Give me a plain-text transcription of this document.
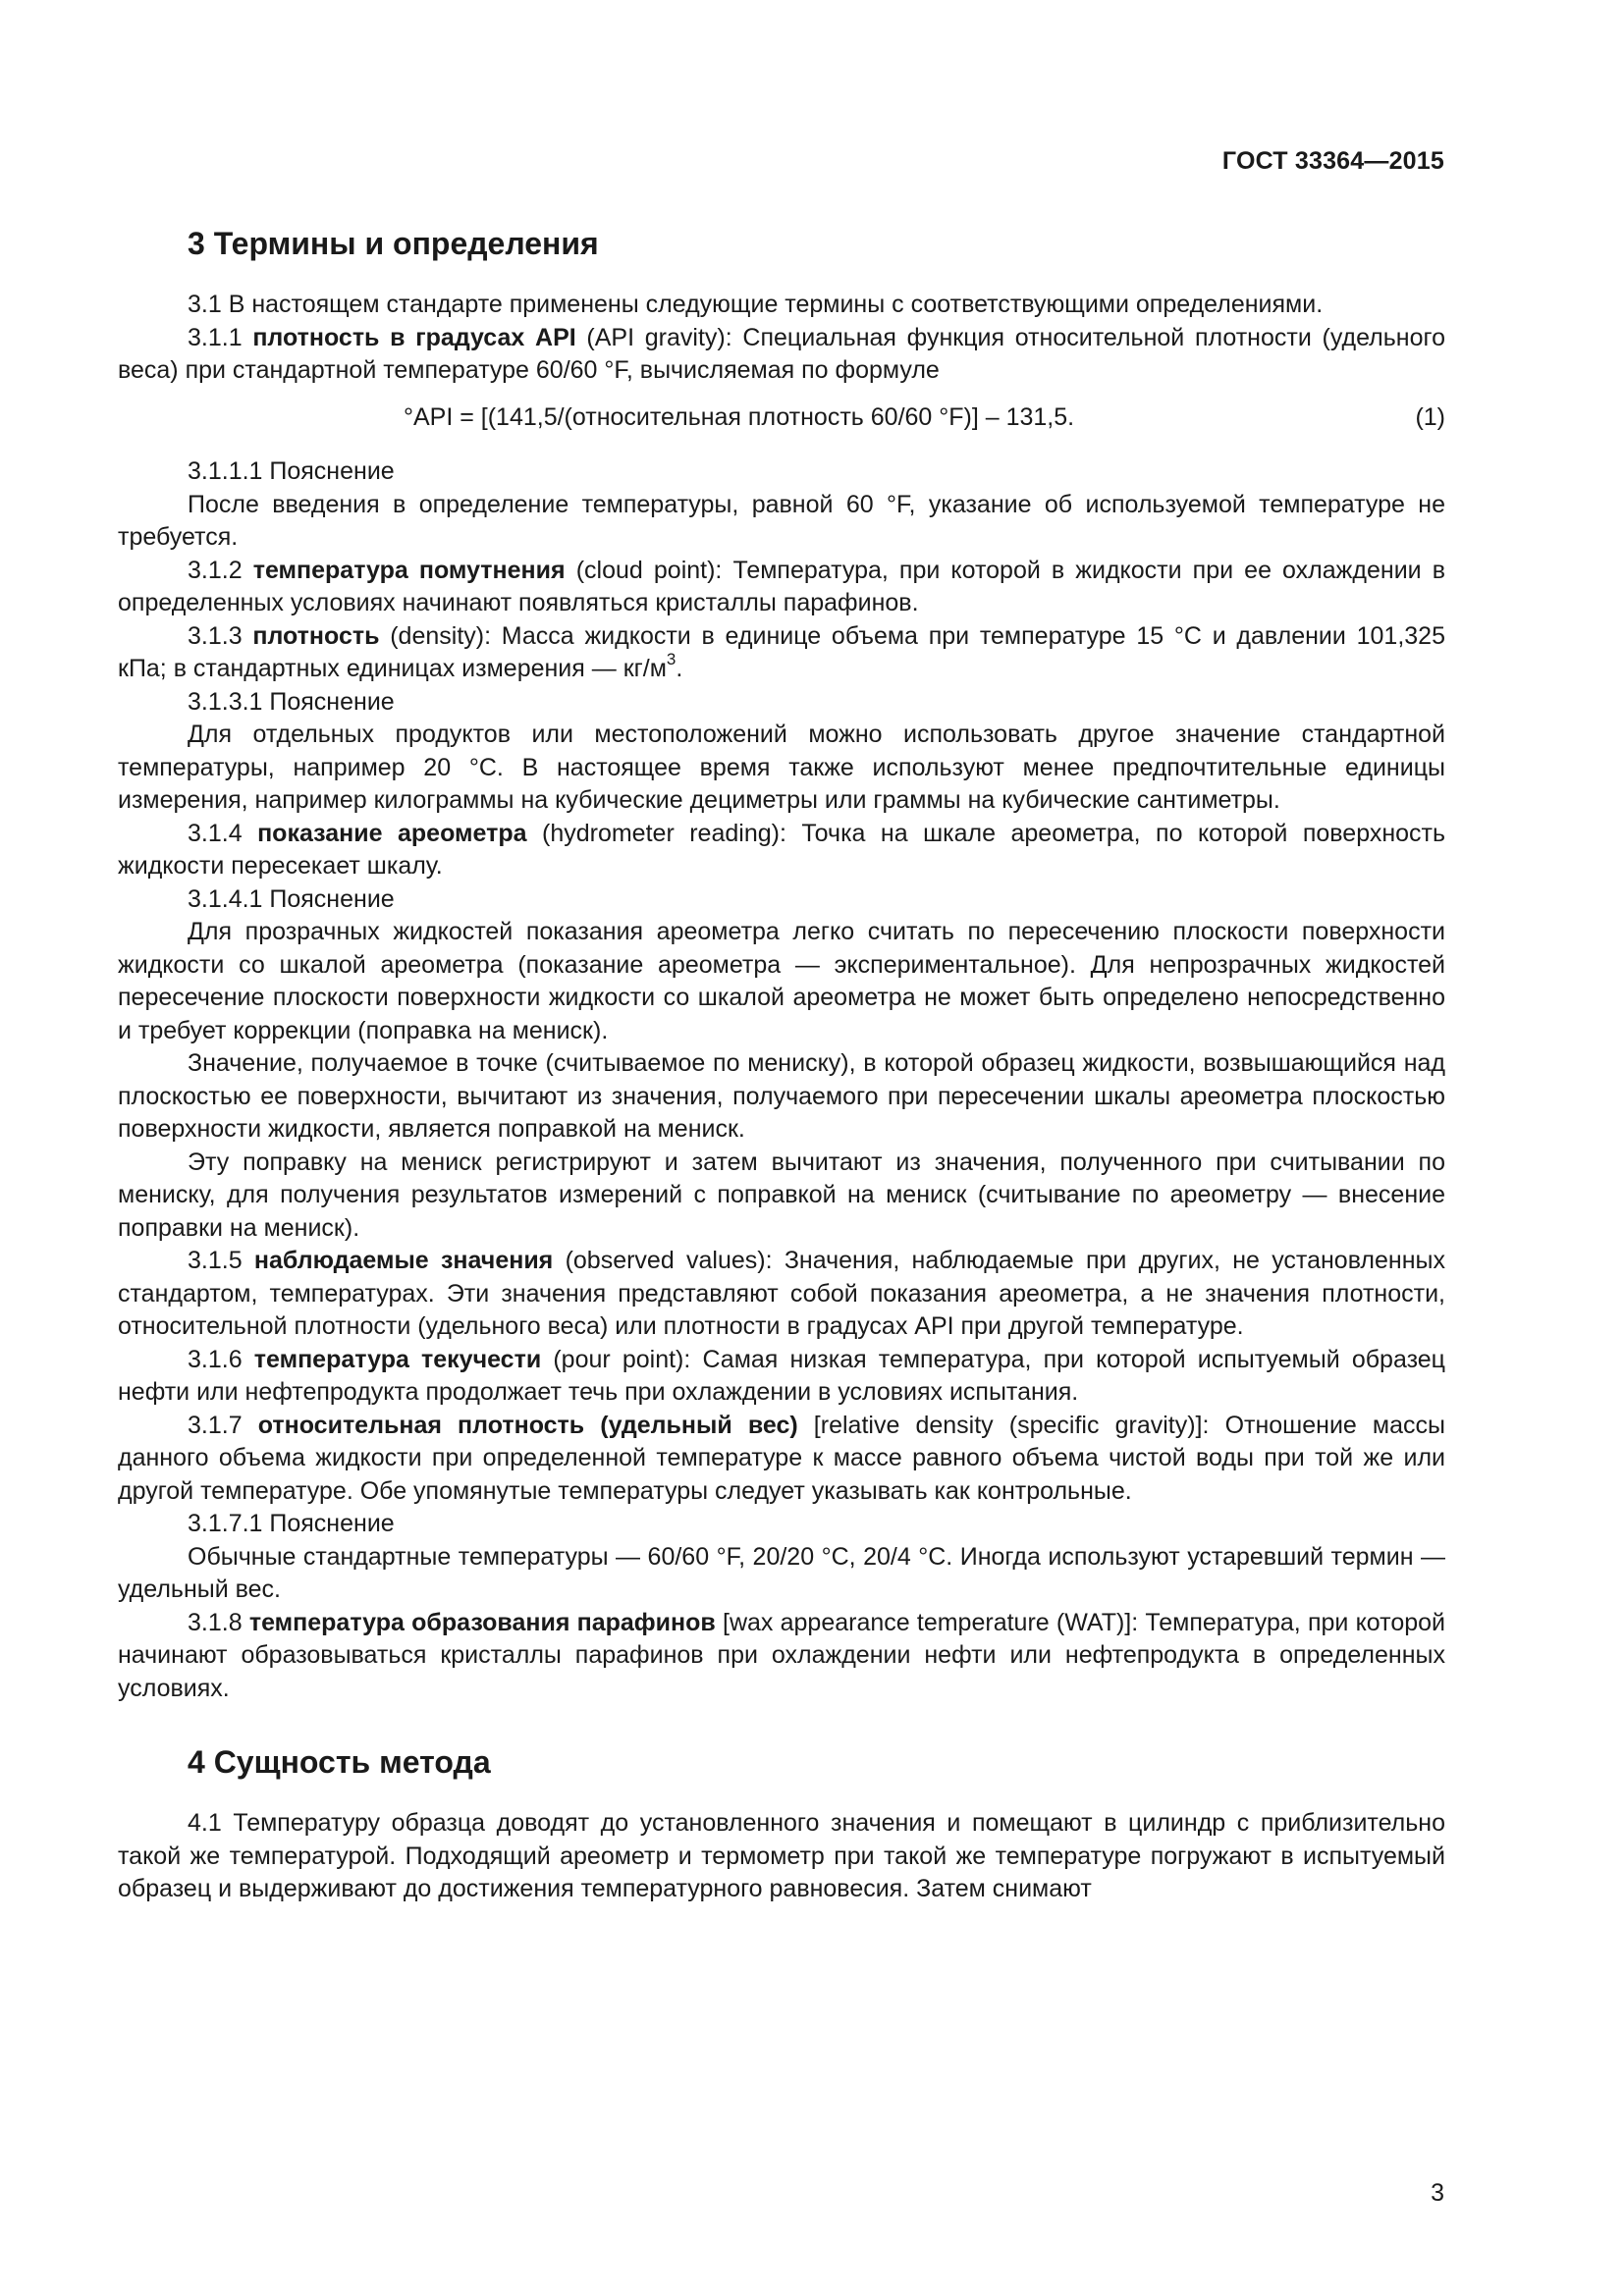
ГОСТ 33364—2015
3 Термины и определения

3.1 В настоящем стандарте применены следующие термины с соответствующими определениями.

3.1.1 плотность в градусах API (API gravity): Специальная функция относительной плотности (удельного веса) при стандартной температуре 60/60 °F, вычисляемая по формуле

°API = [(141,5/(относительная плотность 60/60 °F)] – 131,5.	(1)

3.1.1.1 Пояснение

После введения в определение температуры, равной 60 °F, указание об используемой температуре не требуется.

3.1.2 температура помутнения (cloud point): Температура, при которой в жидкости при ее охлаждении в определенных условиях начинают появляться кристаллы парафинов.

3.1.3 плотность (density): Масса жидкости в единице объема при температуре 15 °C и давлении 101,325 кПа; в стандартных единицах измерения — $кг/м^3$.

3.1.3.1 Пояснение

Для отдельных продуктов или местоположений можно использовать другое значение стандартной температуры, например 20 °С. В настоящее время также используют менее предпочтительные единицы измерения, например килограммы на кубические дециметры или граммы на кубические сантиметры.

3.1.4 показание ареометра (hydrometer reading): Точка на шкале ареометра, по которой поверхность жидкости пересекает шкалу.

3.1.4.1 Пояснение

Для прозрачных жидкостей показания ареометра легко считать по пересечению плоскости поверхности жидкости со шкалой ареометра (показание ареометра — экспериментальное). Для непрозрачных жидкостей пересечение плоскости поверхности жидкости со шкалой ареометра не может быть определено непосредственно и требует коррекции (поправка на мениск).

Значение, получаемое в точке (считываемое по мениску), в которой образец жидкости, возвышающийся над плоскостью ее поверхности, вычитают из значения, получаемого при пересечении шкалы ареометра плоскостью поверхности жидкости, является поправкой на мениск.

Эту поправку на мениск регистрируют и затем вычитают из значения, полученного при считывании по мениску, для получения результатов измерений с поправкой на мениск (считывание по ареометру — внесение поправки на мениск).

3.1.5 наблюдаемые значения (observed values): Значения, наблюдаемые при других, не установленных стандартом, температурах. Эти значения представляют собой показания ареометра, а не значения плотности, относительной плотности (удельного веса) или плотности в градусах API при другой температуре.

3.1.6 температура текучести (pour point): Самая низкая температура, при которой испытуемый образец нефти или нефтепродукта продолжает течь при охлаждении в условиях испытания.

3.1.7 относительная плотность (удельный вес) [relative density (specific gravity)]: Отношение массы данного объема жидкости при определенной температуре к массе равного объема чистой воды при той же или другой температуре. Обе упомянутые температуры следует указывать как контрольные.

3.1.7.1 Пояснение

Обычные стандартные температуры — 60/60 °F, 20/20 °C, 20/4 °C. Иногда используют устаревший термин — удельный вес.

3.1.8 температура образования парафинов [wax appearance temperature (WAT)]: Температура, при которой начинают образовываться кристаллы парафинов при охлаждении нефти или нефтепродукта в определенных условиях.

4 Сущность метода

4.1 Температуру образца доводят до установленного значения и помещают в цилиндр с приблизительно такой же температурой. Подходящий ареометр и термометр при такой же температуре погружают в испытуемый образец и выдерживают до достижения температурного равновесия. Затем снимают

3
